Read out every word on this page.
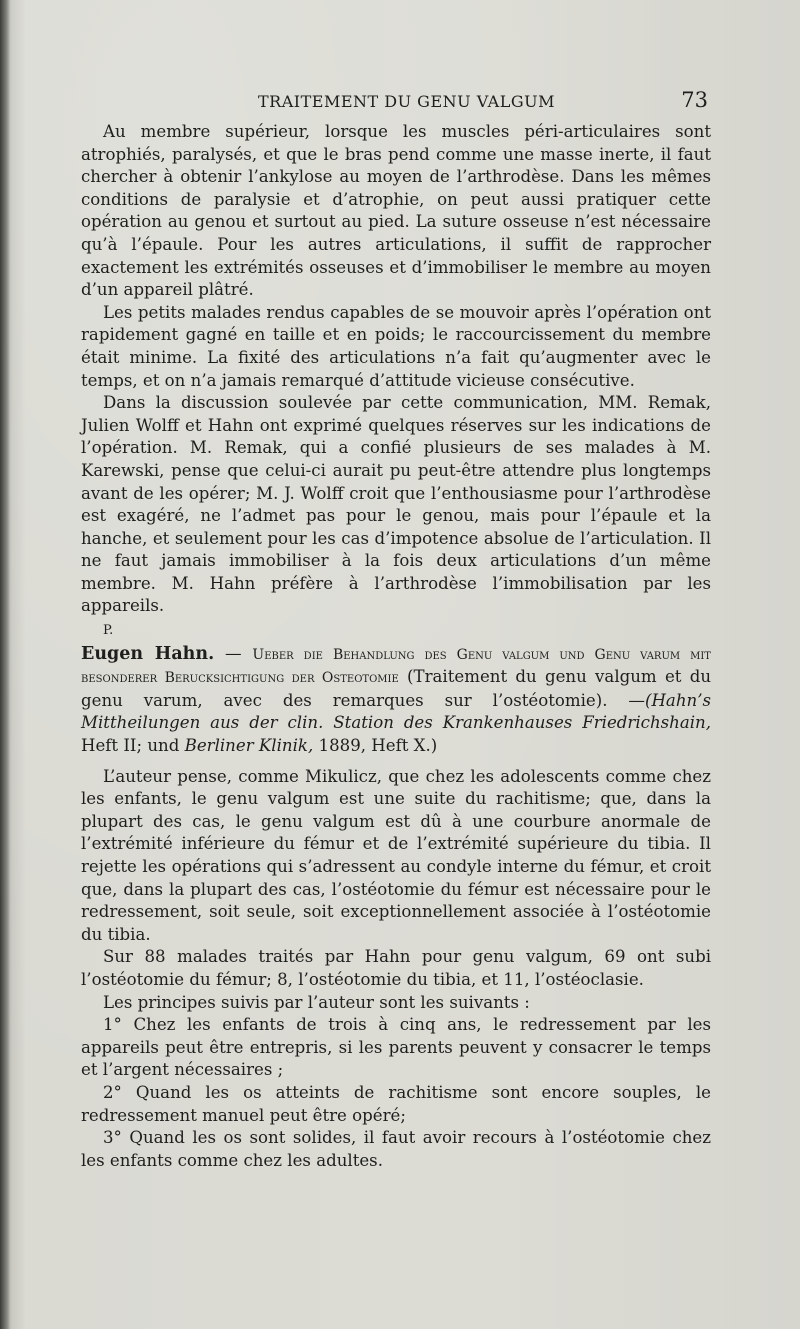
TRAITEMENT DU GENU VALGUM	73

Au membre supérieur, lorsque les muscles péri-articulaires sont atrophiés, paralysés, et que le bras pend comme une masse inerte, il faut chercher à obtenir l’ankylose au moyen de l’arthrodèse. Dans les mêmes conditions de paralysie et d’atrophie, on peut aussi pratiquer cette opération au genou et surtout au pied. La suture osseuse n’est nécessaire qu’à l’épaule. Pour les autres articulations, il suffit de rapprocher exactement les extrémités osseuses et d’immobiliser le membre au moyen d’un appareil plâtré.

Les petits malades rendus capables de se mouvoir après l’opération ont rapidement gagné en taille et en poids; le raccourcissement du membre était minime. La fixité des articulations n’a fait qu’augmenter avec le temps, et on n’a jamais remarqué d’attitude vicieuse consécutive.

Dans la discussion soulevée par cette communication, MM. Remak, Julien Wolff et Hahn ont exprimé quelques réserves sur les indications de l’opération. M. Remak, qui a confié plusieurs de ses malades à M. Karewski, pense que celui-ci aurait pu peut-être attendre plus longtemps avant de les opérer; M. J. Wolff croit que l’enthousiasme pour l’arthrodèse est exagéré, ne l’admet pas pour le genou, mais pour l’épaule et la hanche, et seulement pour les cas d’impotence absolue de l’articulation. Il ne faut jamais immobiliser à la fois deux articulations d’un même membre. M. Hahn préfère à l’arthrodèse l’immobilisation par les appareils.

P.

Eugen Hahn. — Ueber die Behandlung des Genu valgum und Genu varum mit besonderer Berucksichtigung der Osteotomie (Traitement du genu valgum et du genu varum, avec des remarques sur l’ostéotomie). —(Hahn’s Mittheilungen aus der clin. Station des Krankenhauses Friedrichshain, Heft II; und Berliner Klinik, 1889, Heft X.)

L’auteur pense, comme Mikulicz, que chez les adolescents comme chez les enfants, le genu valgum est une suite du rachitisme; que, dans la plupart des cas, le genu valgum est dû à une courbure anormale de l’extrémité inférieure du fémur et de l’extrémité supérieure du tibia. Il rejette les opérations qui s’adressent au condyle interne du fémur, et croit que, dans la plupart des cas, l’ostéotomie du fémur est nécessaire pour le redressement, soit seule, soit exceptionnellement associée à l’ostéotomie du tibia.

Sur 88 malades traités par Hahn pour genu valgum, 69 ont subi l’ostéotomie du fémur; 8, l’ostéotomie du tibia, et 11, l’ostéoclasie.

Les principes suivis par l’auteur sont les suivants :

1° Chez les enfants de trois à cinq ans, le redressement par les appareils peut être entrepris, si les parents peuvent y consacrer le temps et l’argent nécessaires ;

2° Quand les os atteints de rachitisme sont encore souples, le redressement manuel peut être opéré;

3° Quand les os sont solides, il faut avoir recours à l’ostéotomie chez les enfants comme chez les adultes.
